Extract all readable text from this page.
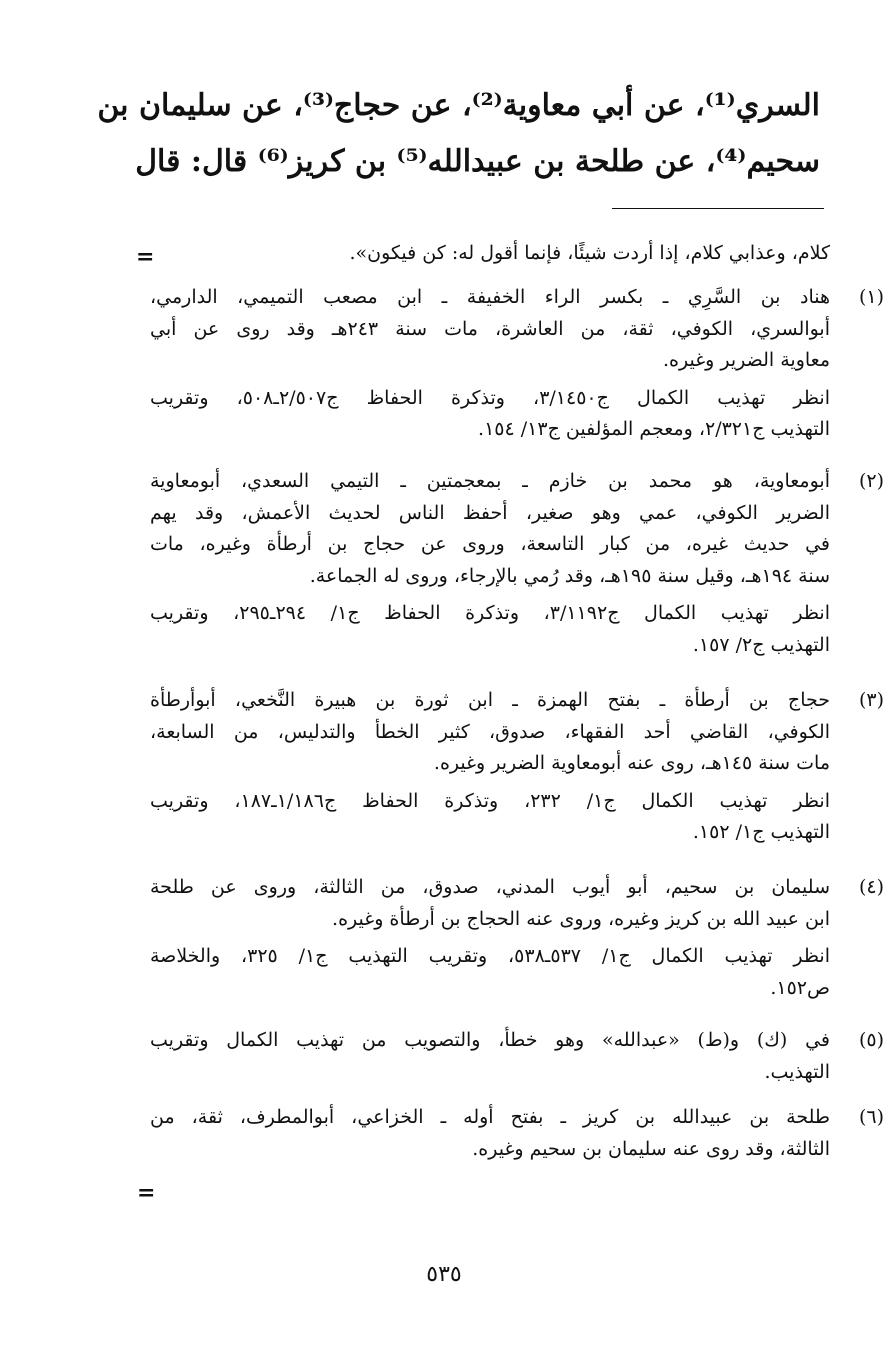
السري⁽¹⁾، عن أبي معاوية⁽²⁾، عن حجاج⁽³⁾، عن سليمان بن
سحيم⁽⁴⁾، عن طلحة بن عبيدالله⁽⁵⁾ بن كريز⁽⁶⁾ قال: قال
=	كلام، وعذابي كلام، إذا أردت شيئًا، فإنما أقول له: كن فيكون».
(١)
هناد بن السَّرِي ـ بكسر الراء الخفيفة ـ ابن مصعب التميمي، الدارمي،
أبوالسري، الكوفي، ثقة، من العاشرة، مات سنة ٢٤٣هـ وقد روى عن أبي
معاوية الضرير وغيره.
انظر تهذيب الكمال ج٣/١٤٥٠، وتذكرة الحفاظ ج٢/٥٠٧ـ٥٠٨، وتقريب
التهذيب ج٢/٣٢١، ومعجم المؤلفين ج١٣/ ١٥٤.
(٢)
أبومعاوية، هو محمد بن خازم ـ بمعجمتين ـ التيمي السعدي، أبومعاوية
الضرير الكوفي، عمي وهو صغير، أحفظ الناس لحديث الأعمش، وقد يهم
في حديث غيره، من كبار التاسعة، وروى عن حجاج بن أرطأة وغيره، مات
سنة ١٩٤هـ، وقيل سنة ١٩٥هـ، وقد رُمي بالإرجاء، وروى له الجماعة.
انظر تهذيب الكمال ج٣/١١٩٢، وتذكرة الحفاظ ج١/ ٢٩٤ـ٢٩٥، وتقريب
التهذيب ج٢/ ١٥٧.
(٣)
حجاج بن أرطأة ـ بفتح الهمزة ـ ابن ثورة بن هبيرة النَّخعي، أبوأرطأة
الكوفي، القاضي أحد الفقهاء، صدوق، كثير الخطأ والتدليس، من السابعة،
مات سنة ١٤٥هـ، روى عنه أبومعاوية الضرير وغيره.
انظر تهذيب الكمال ج١/ ٢٣٢، وتذكرة الحفاظ ج١/١٨٦ـ١٨٧، وتقريب
التهذيب ج١/ ١٥٢.
(٤)
سليمان بن سحيم، أبو أيوب المدني، صدوق، من الثالثة، وروى عن طلحة
ابن عبيد الله بن كريز وغيره، وروى عنه الحجاج بن أرطأة وغيره.
انظر تهذيب الكمال ج١/ ٥٣٧ـ٥٣٨، وتقريب التهذيب ج١/ ٣٢٥، والخلاصة
ص١٥٢.
(٥)
في (ك) و(ط) «عبدالله» وهو خطأ، والتصويب من تهذيب الكمال وتقريب
التهذيب.
(٦)
طلحة بن عبيدالله بن كريز ـ بفتح أوله ـ الخزاعي، أبوالمطرف، ثقة، من
الثالثة، وقد روى عنه سليمان بن سحيم وغيره.
=
٥٣٥
